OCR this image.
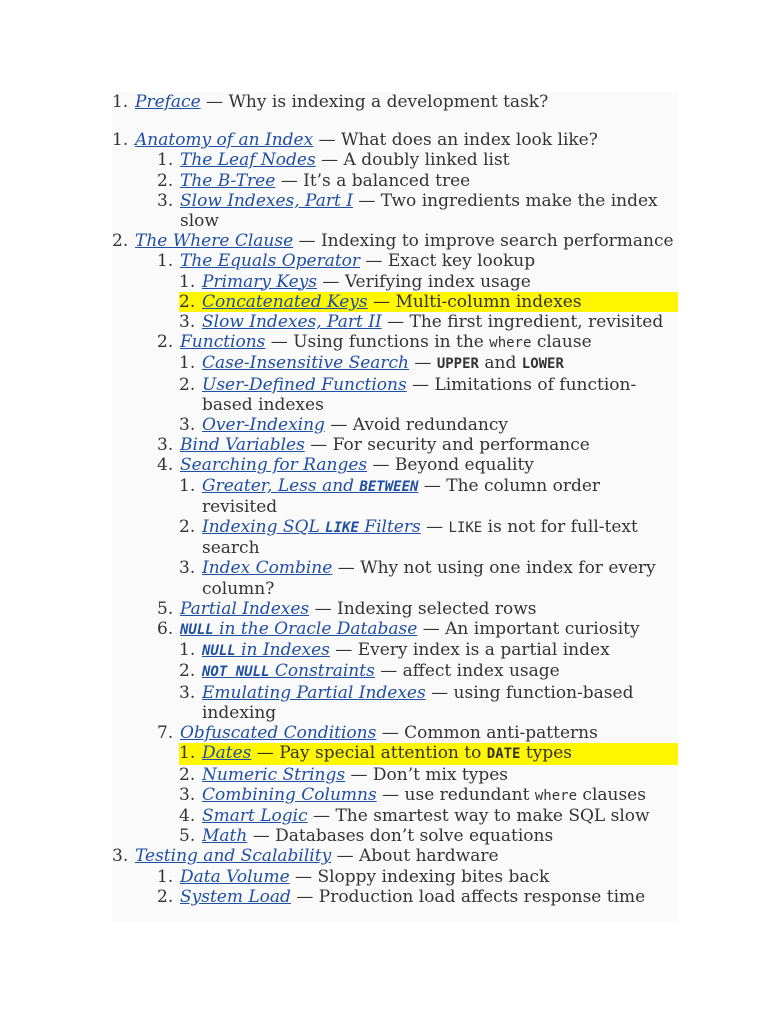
1. Preface — Why is indexing a development task?
1. Anatomy of an Index — What does an index look like?
1. The Leaf Nodes — A doubly linked list
2. The B-Tree — It’s a balanced tree
3. Slow Indexes, Part I — Two ingredients make the index slow
2. The Where Clause — Indexing to improve search performance
1. The Equals Operator — Exact key lookup
1. Primary Keys — Verifying index usage
2. Concatenated Keys — Multi-column indexes
3. Slow Indexes, Part II — The first ingredient, revisited
2. Functions — Using functions in the where clause
1. Case-Insensitive Search — UPPER and LOWER
2. User-Defined Functions — Limitations of function-based indexes
3. Over-Indexing — Avoid redundancy
3. Bind Variables — For security and performance
4. Searching for Ranges — Beyond equality
1. Greater, Less and BETWEEN — The column order revisited
2. Indexing SQL LIKE Filters — LIKE is not for full-text search
3. Index Combine — Why not using one index for every column?
5. Partial Indexes — Indexing selected rows
6. NULL in the Oracle Database — An important curiosity
1. NULL in Indexes — Every index is a partial index
2. NOT NULL Constraints — affect index usage
3. Emulating Partial Indexes — using function-based indexing
7. Obfuscated Conditions — Common anti-patterns
1. Dates — Pay special attention to DATE types
2. Numeric Strings — Don’t mix types
3. Combining Columns — use redundant where clauses
4. Smart Logic — The smartest way to make SQL slow
5. Math — Databases don’t solve equations
3. Testing and Scalability — About hardware
1. Data Volume — Sloppy indexing bites back
2. System Load — Production load affects response time
